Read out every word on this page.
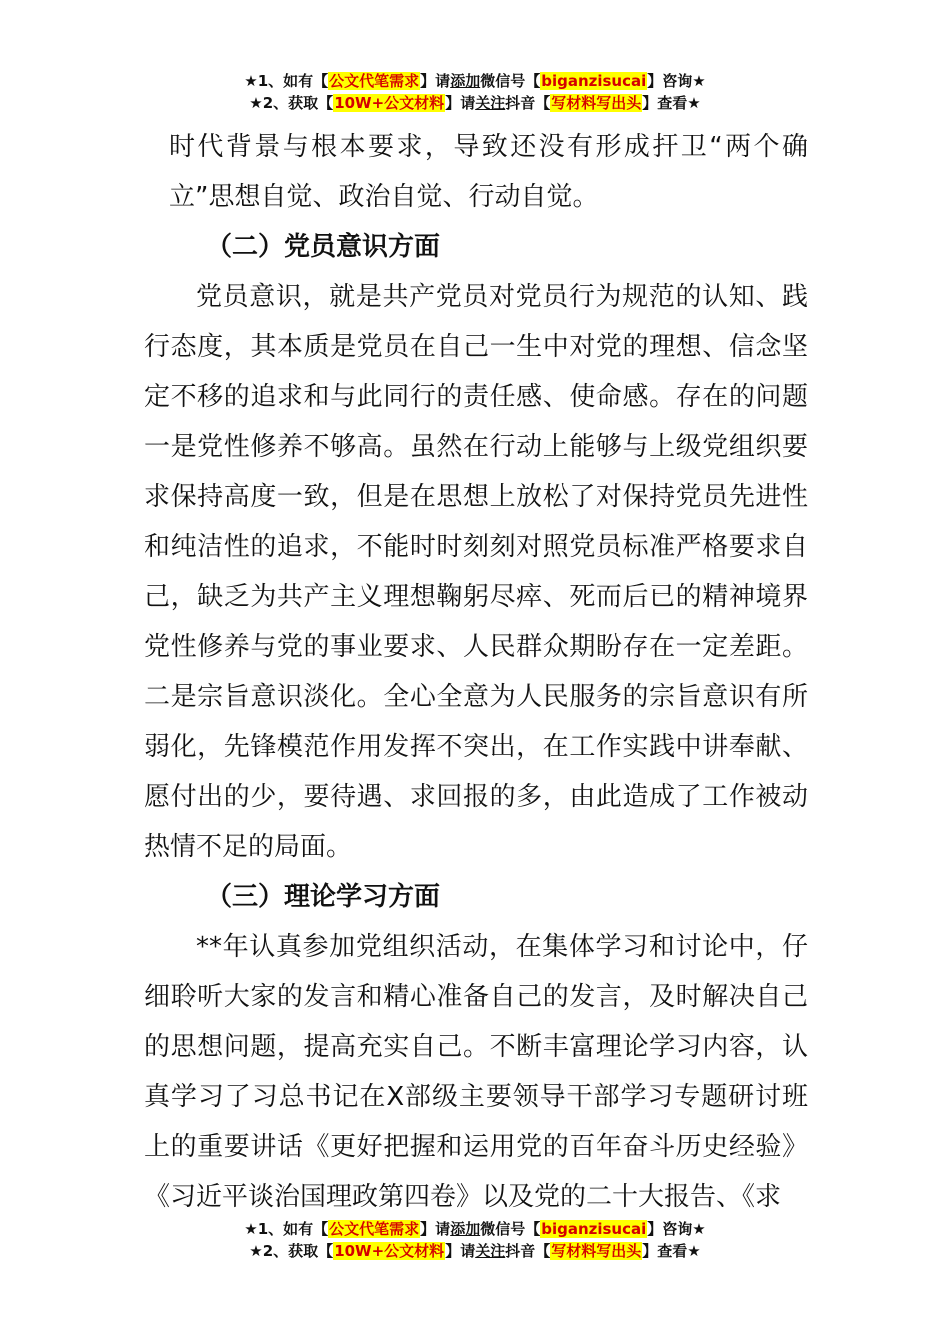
★1、如有【公文代笔需求】请添加微信号【biganzisucai】咨询★
★2、获取【10W+公文材料】请关注抖音【写材料写出头】查看★

时代背景与根本要求，导致还没有形成扞卫“两个确立”思想自觉、政治自觉、行动自觉。

（二）党员意识方面

党员意识，就是共产党员对党员行为规范的认知、践行态度，其本质是党员在自己一生中对党的理想、信念坚定不移的追求和与此同行的责任感、使命感。存在的问题一是党性修养不够高。虽然在行动上能够与上级党组织要求保持高度一致，但是在思想上放松了对保持党员先进性和纯洁性的追求，不能时时刻刻对照党员标准严格要求自己，缺乏为共产主义理想鞠躬尽瘁、死而后已的精神境界党性修养与党的事业要求、人民群众期盼存在一定差距。二是宗旨意识淡化。全心全意为人民服务的宗旨意识有所弱化，先锋模范作用发挥不突出，在工作实践中讲奉献、愿付出的少，要待遇、求回报的多，由此造成了工作被动热情不足的局面。

（三）理论学习方面

**年认真参加党组织活动，在集体学习和讨论中，仔细聆听大家的发言和精心准备自己的发言，及时解决自己的思想问题，提高充实自己。不断丰富理论学习内容，认真学习了习总书记在X部级主要领导干部学习专题研讨班上的重要讲话《更好把握和运用党的百年奋斗历史经验》《习近平谈治国理政第四卷》以及党的二十大报告、《求

★1、如有【公文代笔需求】请添加微信号【biganzisucai】咨询★
★2、获取【10W+公文材料】请关注抖音【写材料写出头】查看★
